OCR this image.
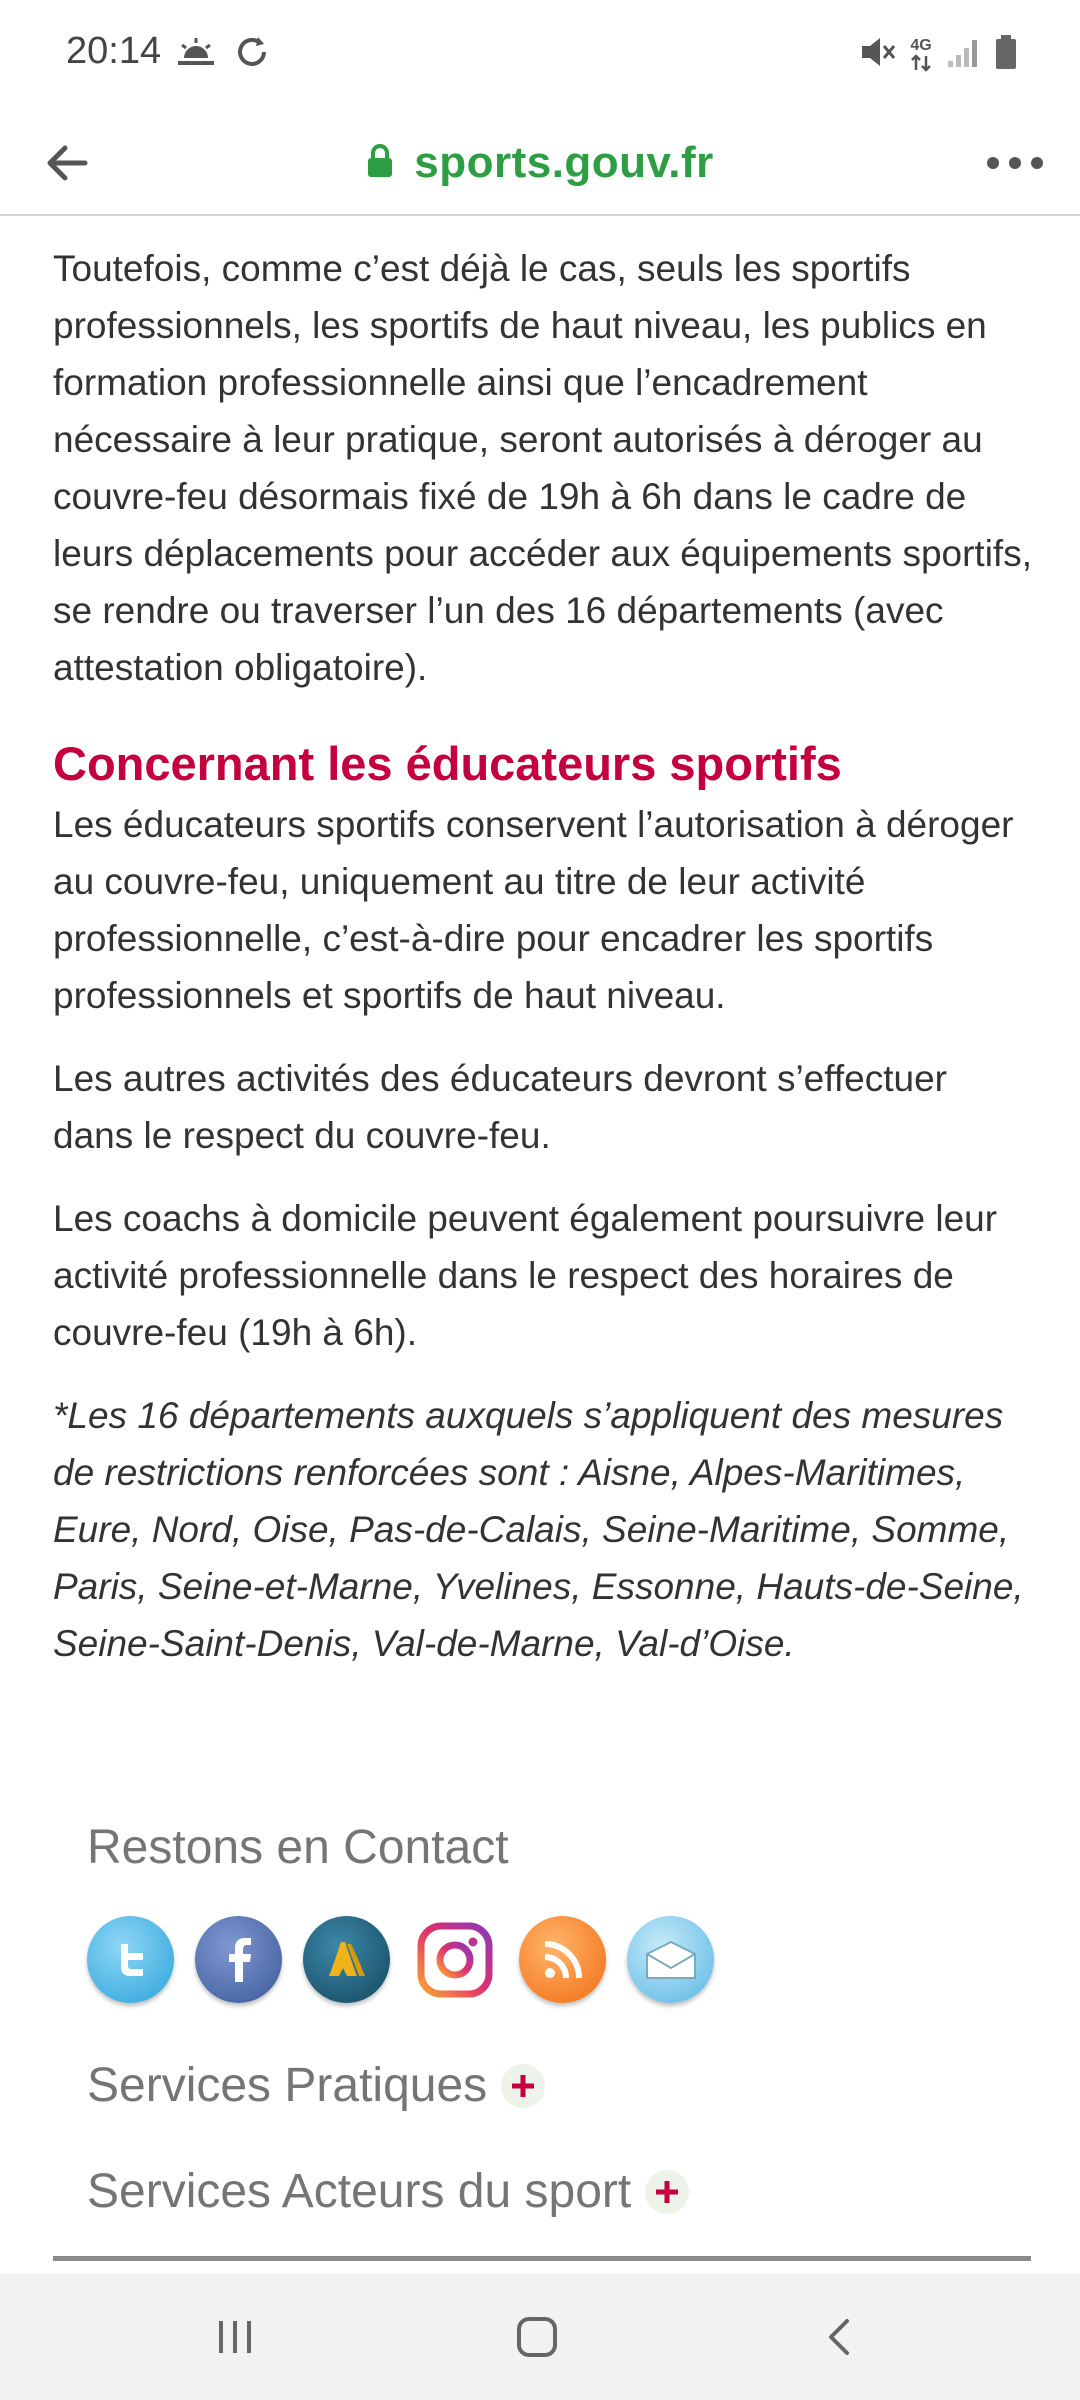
20:14	4G
sports.gouv.fr

Toutefois, comme c’est déjà le cas, seuls les sportifs professionnels, les sportifs de haut niveau, les publics en formation professionnelle ainsi que l’encadrement nécessaire à leur pratique, seront autorisés à déroger au couvre-feu désormais fixé de 19h à 6h dans le cadre de leurs déplacements pour accéder aux équipements sportifs, se rendre ou traverser l’un des 16 départements (avec attestation obligatoire).

Concernant les éducateurs sportifs

Les éducateurs sportifs conservent l’autorisation à déroger au couvre-feu, uniquement au titre de leur activité professionnelle, c’est-à-dire pour encadrer les sportifs professionnels et sportifs de haut niveau.

Les autres activités des éducateurs devront s’effectuer dans le respect du couvre-feu.

Les coachs à domicile peuvent également poursuivre leur activité professionnelle dans le respect des horaires de couvre-feu (19h à 6h).

*Les 16 départements auxquels s’appliquent des mesures de restrictions renforcées sont : Aisne, Alpes-Maritimes, Eure, Nord, Oise, Pas-de-Calais, Seine-Maritime, Somme, Paris, Seine-et-Marne, Yvelines, Essonne, Hauts-de-Seine, Seine-Saint-Denis, Val-de-Marne, Val-d’Oise.

Restons en Contact
Services Pratiques
Services Acteurs du sport
